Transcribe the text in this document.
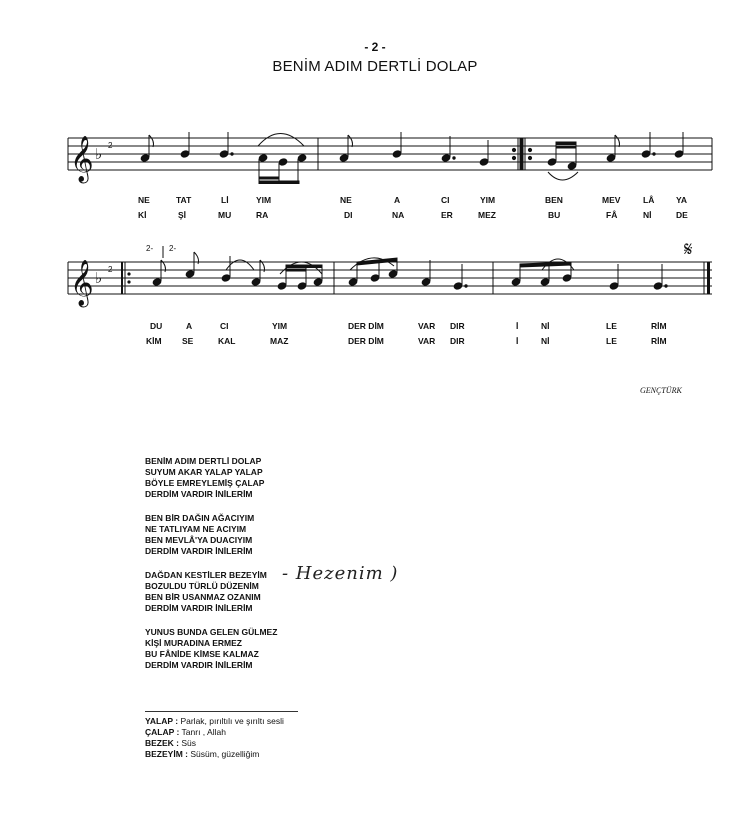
- 2 -
BENİM ADIM DERTLİ DOLAP
𝄞 ♭ 2
NE	TAT	Lİ	YIM	NE	A	CI	YIM	BEN	MEV	LÂ	YA
Kİ	Şİ	MU	RA	DI	NA	ER	MEZ	BU	FÂ	Nİ	DE
𝄞 ♭ 2
2- 2-	𝄋
DU	A	CI	YIM	DER DİM	VAR DIR	İ	Nİ	LE	RİM
KİM SE	KAL	MAZ	DER DİM	VAR DIR	İ	Nİ	LE	RİM
GENÇTÜRK
BENİM ADIM DERTLİ DOLAP
SUYUM AKAR YALAP YALAP
BÖYLE EMREYLEMİŞ ÇALAP
DERDİM VARDIR İNİLERİM
BEN BİR DAĞIN AĞACIYIM
NE TATLIYAM NE ACIYIM
BEN MEVLÂ'YA DUACIYIM
DERDİM VARDIR İNİLERİM
DAĞDAN KESTİLER BEZEYİM
BOZULDU TÜRLÜ DÜZENİM
BEN BİR USANMAZ OZANIM
DERDİM VARDIR İNİLERİM
- Hezenim )
YUNUS BUNDA GELEN GÜLMEZ
KİŞİ MURADINA ERMEZ
BU FÂNİDE KİMSE KALMAZ
DERDİM VARDIR İNİLERİM
YALAP : Parlak, pırıltılı ve şırıltı sesli
ÇALAP : Tanrı , Allah
BEZEK : Süs
BEZEYİM : Süsüm, güzelliğim
